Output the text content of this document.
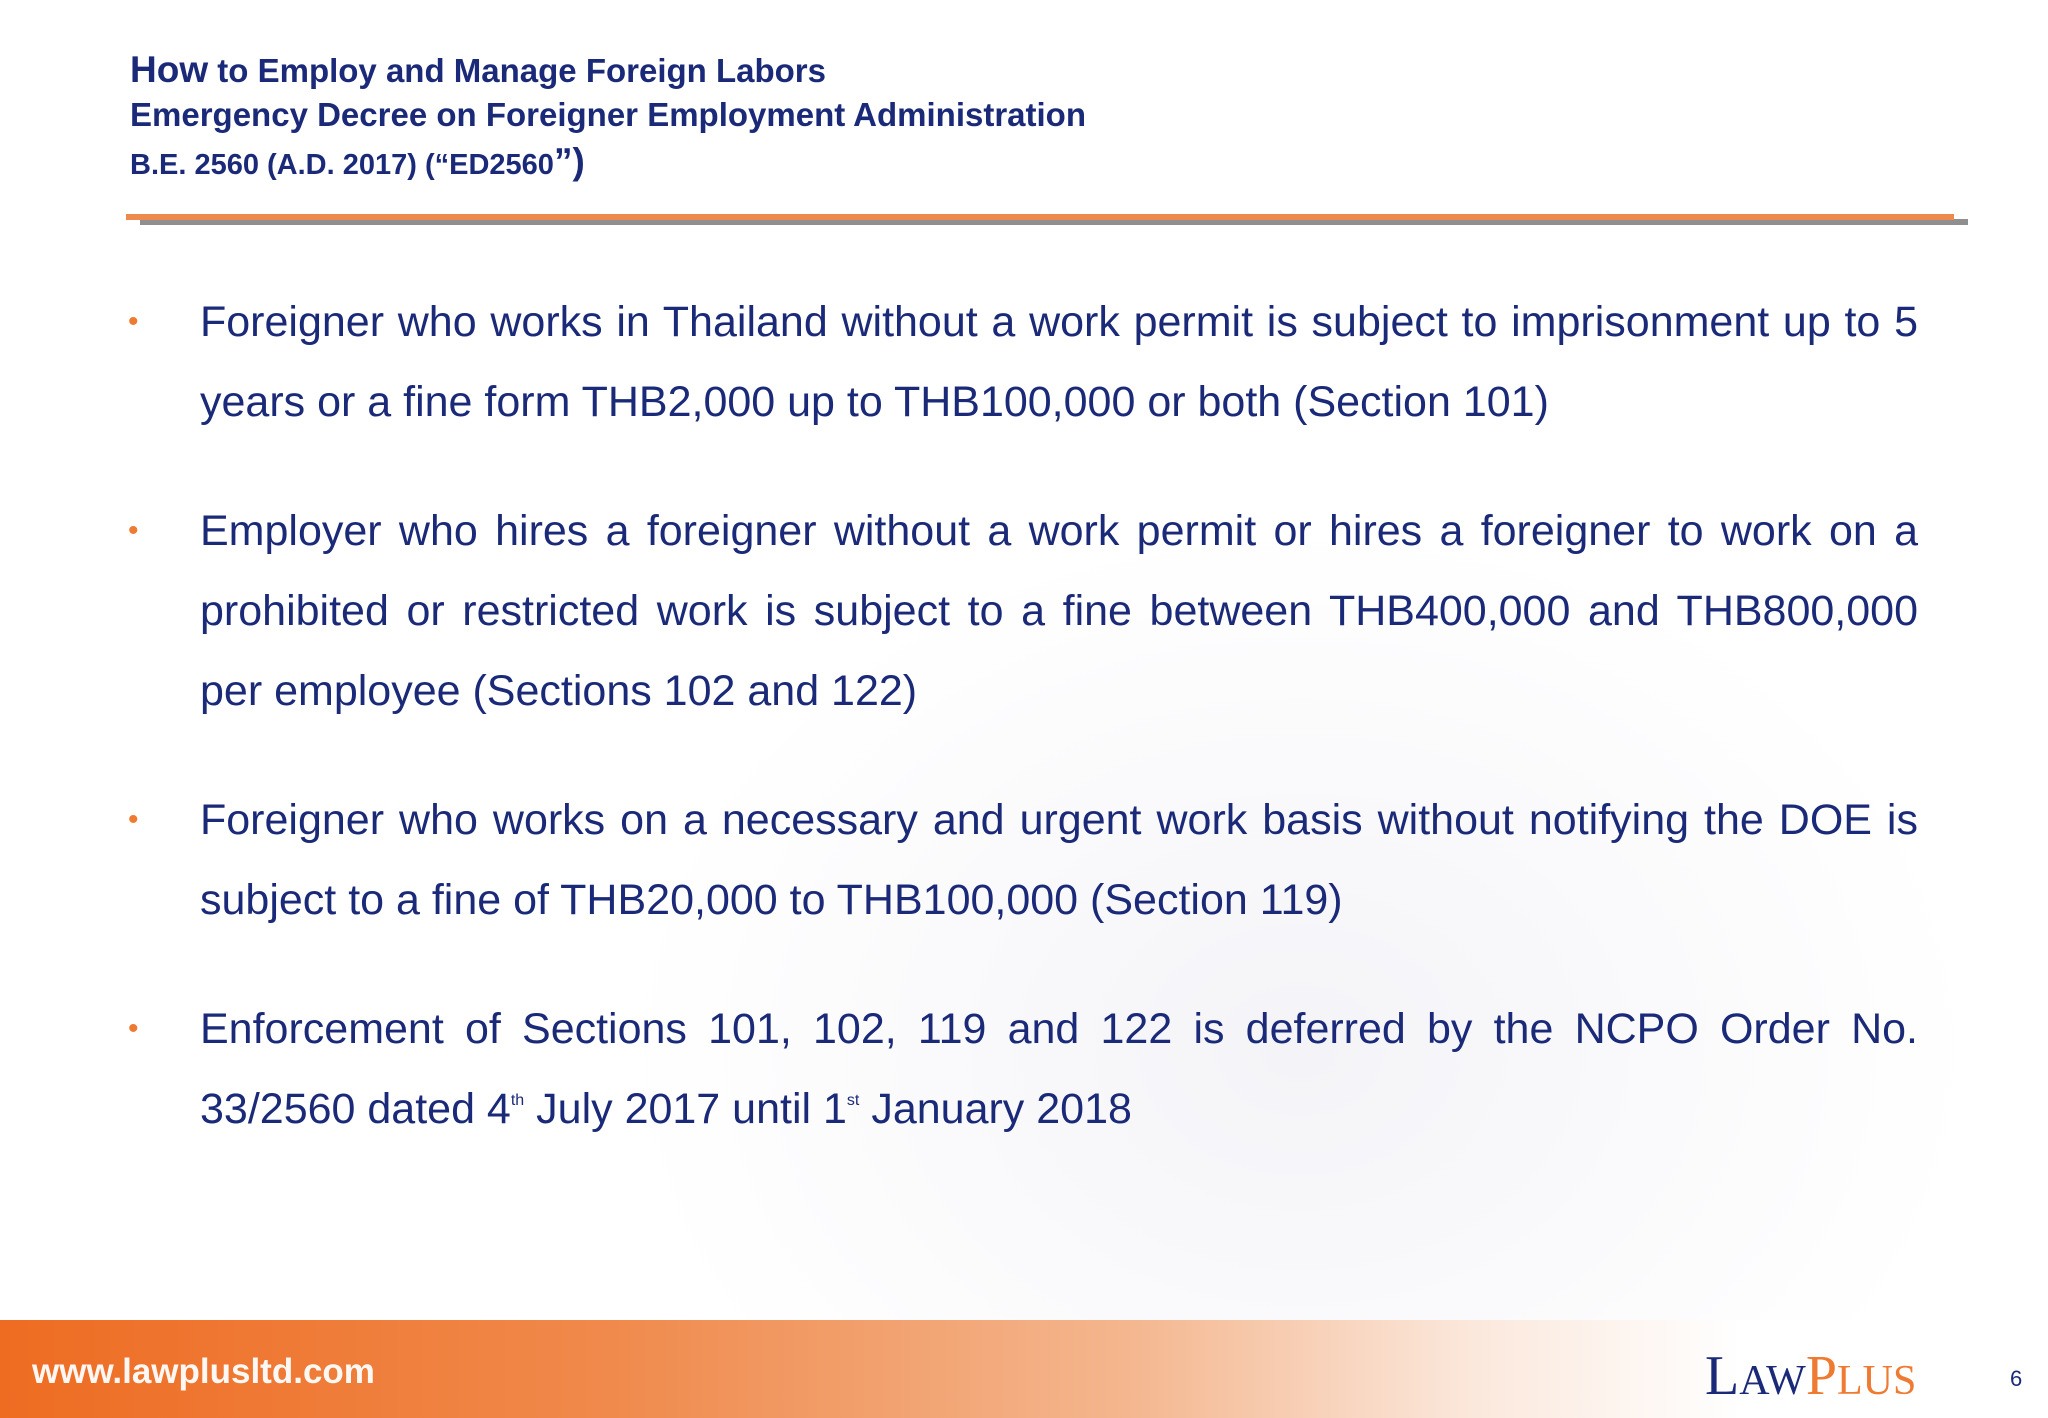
How to Employ and Manage Foreign Labors
Emergency Decree on Foreigner Employment Administration
B.E. 2560 (A.D. 2017) (“ED2560”)
• Foreigner who works in Thailand without a work permit is subject to imprisonment up to 5 years or a fine form THB2,000 up to THB100,000 or both (Section 101)
• Employer who hires a foreigner without a work permit or hires a foreigner to work on a prohibited or restricted work is subject to a fine between THB400,000 and THB800,000 per employee (Sections 102 and 122)
• Foreigner who works on a necessary and urgent work basis without notifying the DOE is subject to a fine of THB20,000 to THB100,000 (Section 119)
• Enforcement of Sections 101, 102, 119 and 122 is deferred by the NCPO Order No. 33/2560 dated 4th July 2017 until 1st January 2018
www.lawplusltd.com	LAWPLUS	6
